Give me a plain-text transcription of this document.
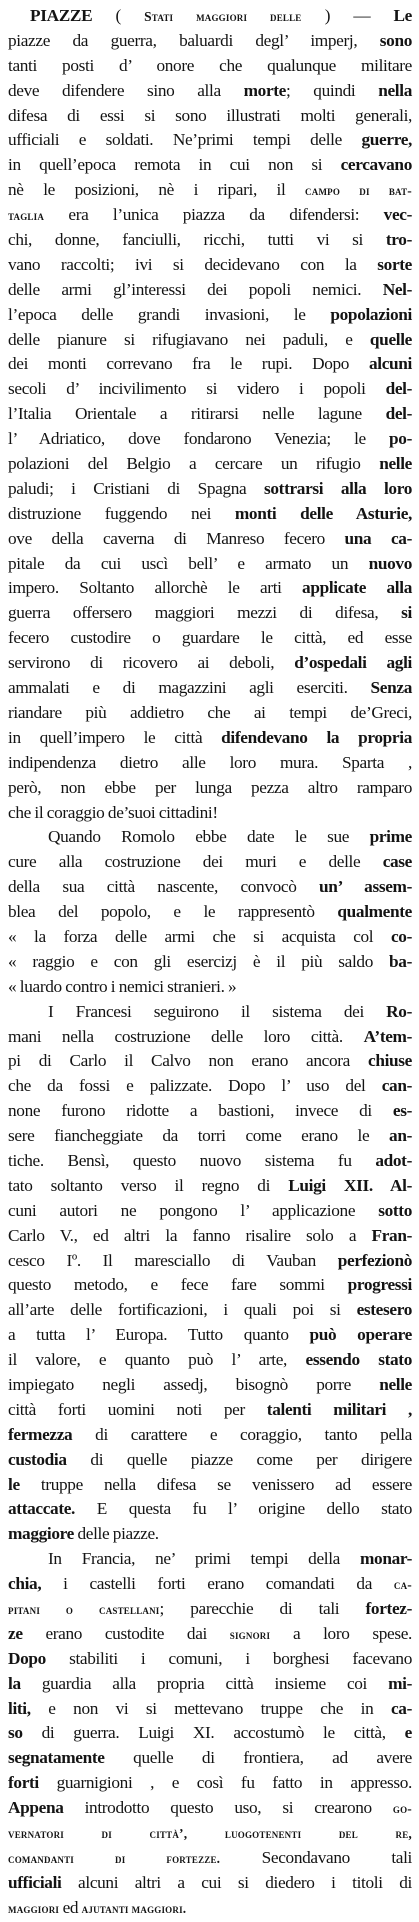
PIAZZE ( Stati maggiori delle ) — Le
piazze da guerra, baluardi degl’ imperj, sono
tanti posti d’ onore che qualunque militare
deve difendere sino alla morte; quindi nella
difesa di essi si sono illustrati molti generali,
ufficiali e soldati. Ne’primi tempi delle guerre,
in quell’epoca remota in cui non si cercavano
nè le posizioni, nè i ripari, il campo di bat-
taglia era l’unica piazza da difendersi: vec-
chi, donne, fanciulli, ricchi, tutti vi si tro-
vano raccolti; ivi si decidevano con la sorte
delle armi gl’interessi dei popoli nemici. Nel-
l’epoca delle grandi invasioni, le popolazioni
delle pianure si rifugiavano nei paduli, e quelle
dei monti correvano fra le rupi. Dopo alcuni
secoli d’ incivilimento si videro i popoli del-
l’Italia Orientale a ritirarsi nelle lagune del-
l’ Adriatico, dove fondarono Venezia; le po-
polazioni del Belgio a cercare un rifugio nelle
paludi; i Cristiani di Spagna sottrarsi alla loro
distruzione fuggendo nei monti delle Asturie,
ove della caverna di Manreso fecero una ca-
pitale da cui uscì bell’ e armato un nuovo
impero. Soltanto allorchè le arti applicate alla
guerra offersero maggiori mezzi di difesa, si
fecero custodire o guardare le città, ed esse
servirono di ricovero ai deboli, d’ospedali agli
ammalati e di magazzini agli eserciti. Senza
riandare più addietro che ai tempi de’Greci,
in quell’impero le città difendevano la propria
indipendenza dietro alle loro mura. Sparta ,
però, non ebbe per lunga pezza altro ramparo
che il coraggio de’suoi cittadini!
Quando Romolo ebbe date le sue prime
cure alla costruzione dei muri e delle case
della sua città nascente, convocò un’ assem-
blea del popolo, e le rappresentò qualmente
« la forza delle armi che si acquista col co-
« raggio e con gli esercizj è il più saldo ba-
« luardo contro i nemici stranieri. »
I Francesi seguirono il sistema dei Ro-
mani nella costruzione delle loro città. A’tem-
pi di Carlo il Calvo non erano ancora chiuse
che da fossi e palizzate. Dopo l’ uso del can-
none furono ridotte a bastioni, invece di es-
sere fiancheggiate da torri come erano le an-
tiche. Bensì, questo nuovo sistema fu adot-
tato soltanto verso il regno di Luigi XII. Al-
cuni autori ne pongono l’ applicazione sotto
Carlo V., ed altri la fanno risalire solo a Fran-
cesco Iº. Il maresciallo di Vauban perfezionò
questo metodo, e fece fare sommi progressi
all’arte delle fortificazioni, i quali poi si estesero
a tutta l’ Europa. Tutto quanto può operare
il valore, e quanto può l’ arte, essendo stato
impiegato negli assedj, bisognò porre nelle
città forti uomini noti per talenti militari ,
fermezza di carattere e coraggio, tanto pella
custodia di quelle piazze come per dirigere
le truppe nella difesa se venissero ad essere
attaccate. E questa fu l’ origine dello stato
maggiore delle piazze.
In Francia, ne’ primi tempi della monar-
chia, i castelli forti erano comandati da ca-
pitani o castellani; parecchie di tali fortez-
ze erano custodite dai signori a loro spese.
Dopo stabiliti i comuni, i borghesi facevano
la guardia alla propria città insieme coi mi-
liti, e non vi si mettevano truppe che in ca-
so di guerra. Luigi XI. accostumò le città, e
segnatamente quelle di frontiera, ad avere
forti guarnigioni , e così fu fatto in appresso.
Appena introdotto questo uso, si crearono go-
vernatori di città’, luogotenenti del re,
comandanti di fortezze. Secondavano tali
ufficiali alcuni altri a cui si diedero i titoli di
maggiori ed ajutanti maggiori.
